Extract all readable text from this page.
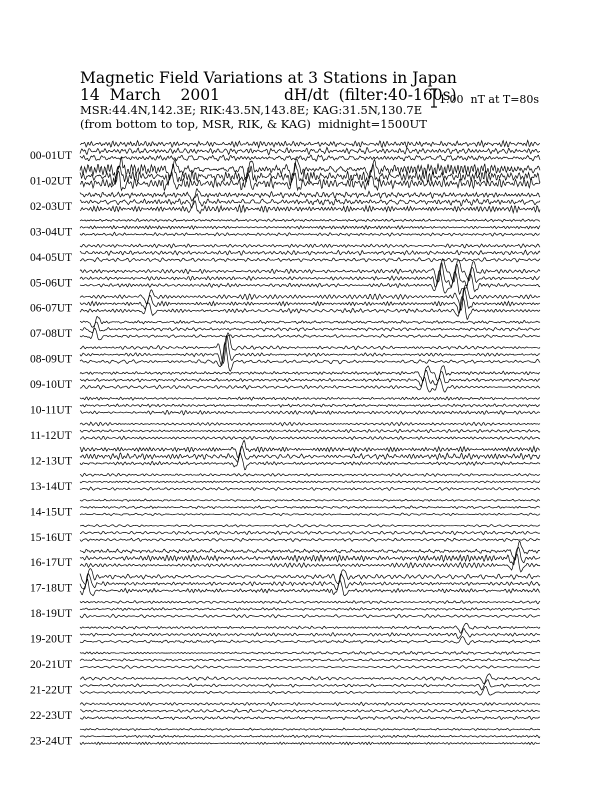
Magnetic Field Variations at 3 Stations in Japan
14  March    2001	dH/dt  (filter:40-160s)
MSR:44.4N,142.3E; RIK:43.5N,143.8E; KAG:31.5N,130.7E
(from bottom to top, MSR, RIK, & KAG)  midnight=1500UT
1.00  nT at T=80s
00-01UT
01-02UT
02-03UT
03-04UT
04-05UT
05-06UT
06-07UT
07-08UT
08-09UT
09-10UT
10-11UT
11-12UT
12-13UT
13-14UT
14-15UT
15-16UT
16-17UT
17-18UT
18-19UT
19-20UT
20-21UT
21-22UT
22-23UT
23-24UT
